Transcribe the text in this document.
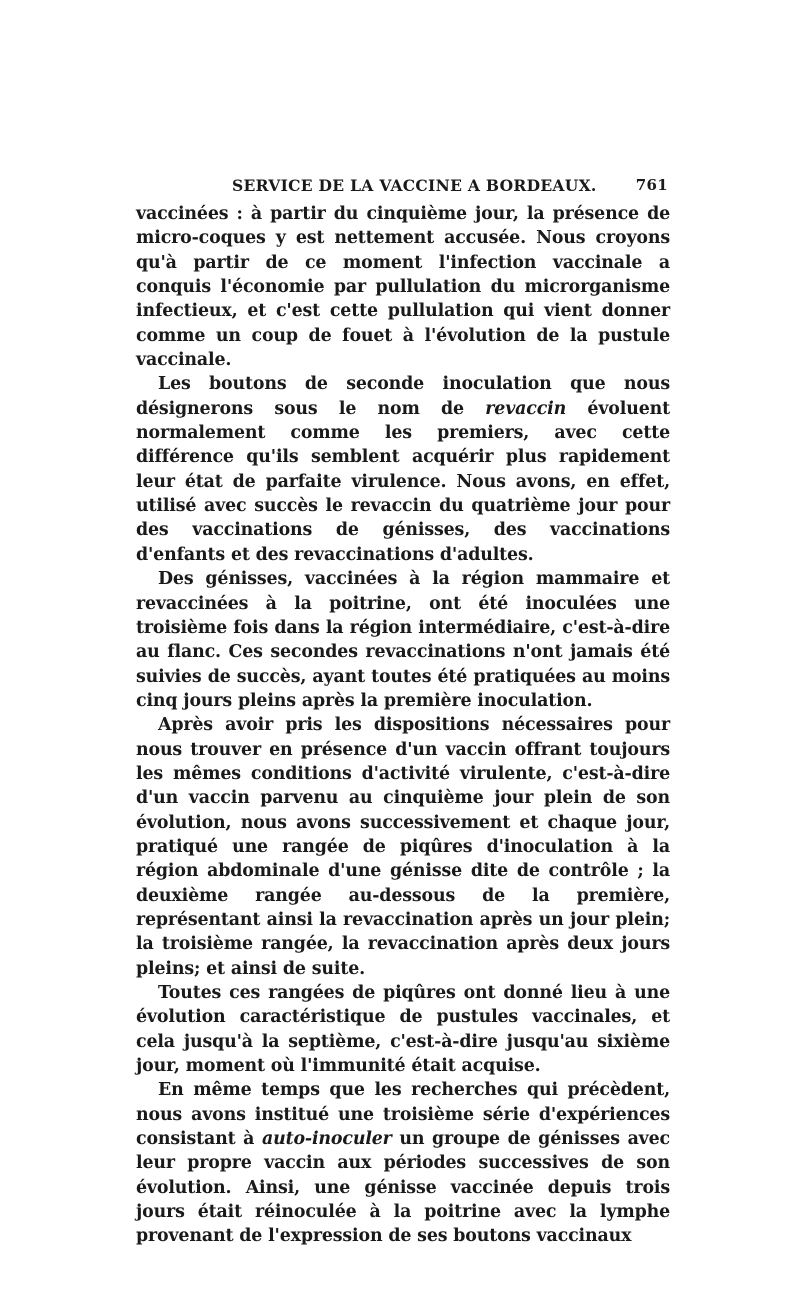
SERVICE DE LA VACCINE A BORDEAUX.	761

vaccinées : à partir du cinquième jour, la présence de micro-coques y est nettement accusée. Nous croyons qu'à partir de ce moment l'infection vaccinale a conquis l'économie par pullulation du microrganisme infectieux, et c'est cette pullulation qui vient donner comme un coup de fouet à l'évolution de la pustule vaccinale.

Les boutons de seconde inoculation que nous désignerons sous le nom de revaccin évoluent normalement comme les premiers, avec cette différence qu'ils semblent acquérir plus rapidement leur état de parfaite virulence. Nous avons, en effet, utilisé avec succès le revaccin du quatrième jour pour des vaccinations de génisses, des vaccinations d'enfants et des revaccinations d'adultes.

Des génisses, vaccinées à la région mammaire et revaccinées à la poitrine, ont été inoculées une troisième fois dans la région intermédiaire, c'est-à-dire au flanc. Ces secondes revaccinations n'ont jamais été suivies de succès, ayant toutes été pratiquées au moins cinq jours pleins après la première inoculation.

Après avoir pris les dispositions nécessaires pour nous trouver en présence d'un vaccin offrant toujours les mêmes conditions d'activité virulente, c'est-à-dire d'un vaccin parvenu au cinquième jour plein de son évolution, nous avons successivement et chaque jour, pratiqué une rangée de piqûres d'inoculation à la région abdominale d'une génisse dite de contrôle ; la deuxième rangée au-dessous de la première, représentant ainsi la revaccination après un jour plein; la troisième rangée, la revaccination après deux jours pleins; et ainsi de suite.

Toutes ces rangées de piqûres ont donné lieu à une évolution caractéristique de pustules vaccinales, et cela jusqu'à la septième, c'est-à-dire jusqu'au sixième jour, moment où l'immunité était acquise.

En même temps que les recherches qui précèdent, nous avons institué une troisième série d'expériences consistant à auto-inoculer un groupe de génisses avec leur propre vaccin aux périodes successives de son évolution. Ainsi, une génisse vaccinée depuis trois jours était réinoculée à la poitrine avec la lymphe provenant de l'expression de ses boutons vaccinaux
